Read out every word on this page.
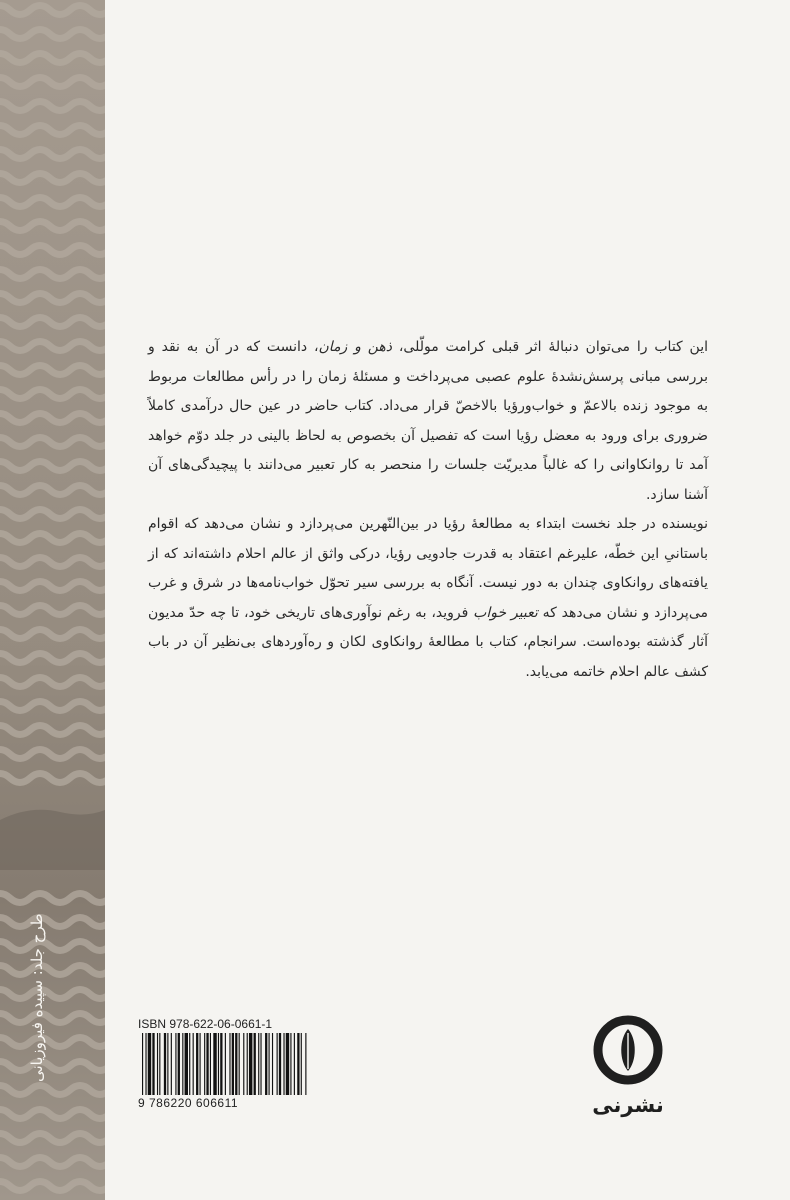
طرح جلد: سپیده‌ فیروزیانی

این کتاب را می‌توان دنبالهٔ اثر قبلی کرامت مولّلی، ذهن و زمان، دانست که در آن به نقد و بررسی مبانی پرسش‌نشدهٔ علوم عصبی می‌پرداخت و مسئلهٔ زمان را در رأس مطالعات مربوط به موجود زنده بالاعمّ و خواب‌ورؤیا بالاخصّ قرار می‌داد. کتاب حاضر در عین حال درآمدی کاملاً ضروری برای ورود به معضل رؤیا است که تفصیل آن بخصوص به لحاظ بالینی در جلد دوّم خواهد آمد تا روانکاوانی را که غالباً مدیریّت جلسات را منحصر به کار تعبیر می‌دانند با پیچیدگی‌های آن آشنا سازد.

نویسنده در جلد نخست ابتداء به مطالعهٔ رؤیا در بین‌النّهرین می‌پردازد و نشان می‌دهد که اقوام باستانیِ این خطّه، علیرغم اعتقاد به قدرت جادویی رؤیا، درکی واثق از عالم احلام داشته‌اند که از یافته‌های روانکاوی چندان به دور نیست. آنگاه به بررسی سیر تحوّل خواب‌نامه‌ها در شرق و غرب می‌پردازد و نشان می‌دهد که تعبیر خواب فروید، به رغم نوآوری‌های تاریخی خود، تا چه حدّ مدیون آثار گذشته بوده‌است. سرانجام، کتاب با مطالعهٔ روانکاوی لکان و ره‌آوردهای بی‌نظیر آن در باب کشف عالم احلام خاتمه می‌یابد.

ISBN 978-622-06-0661-1
9 786220 606611	نشرنی
